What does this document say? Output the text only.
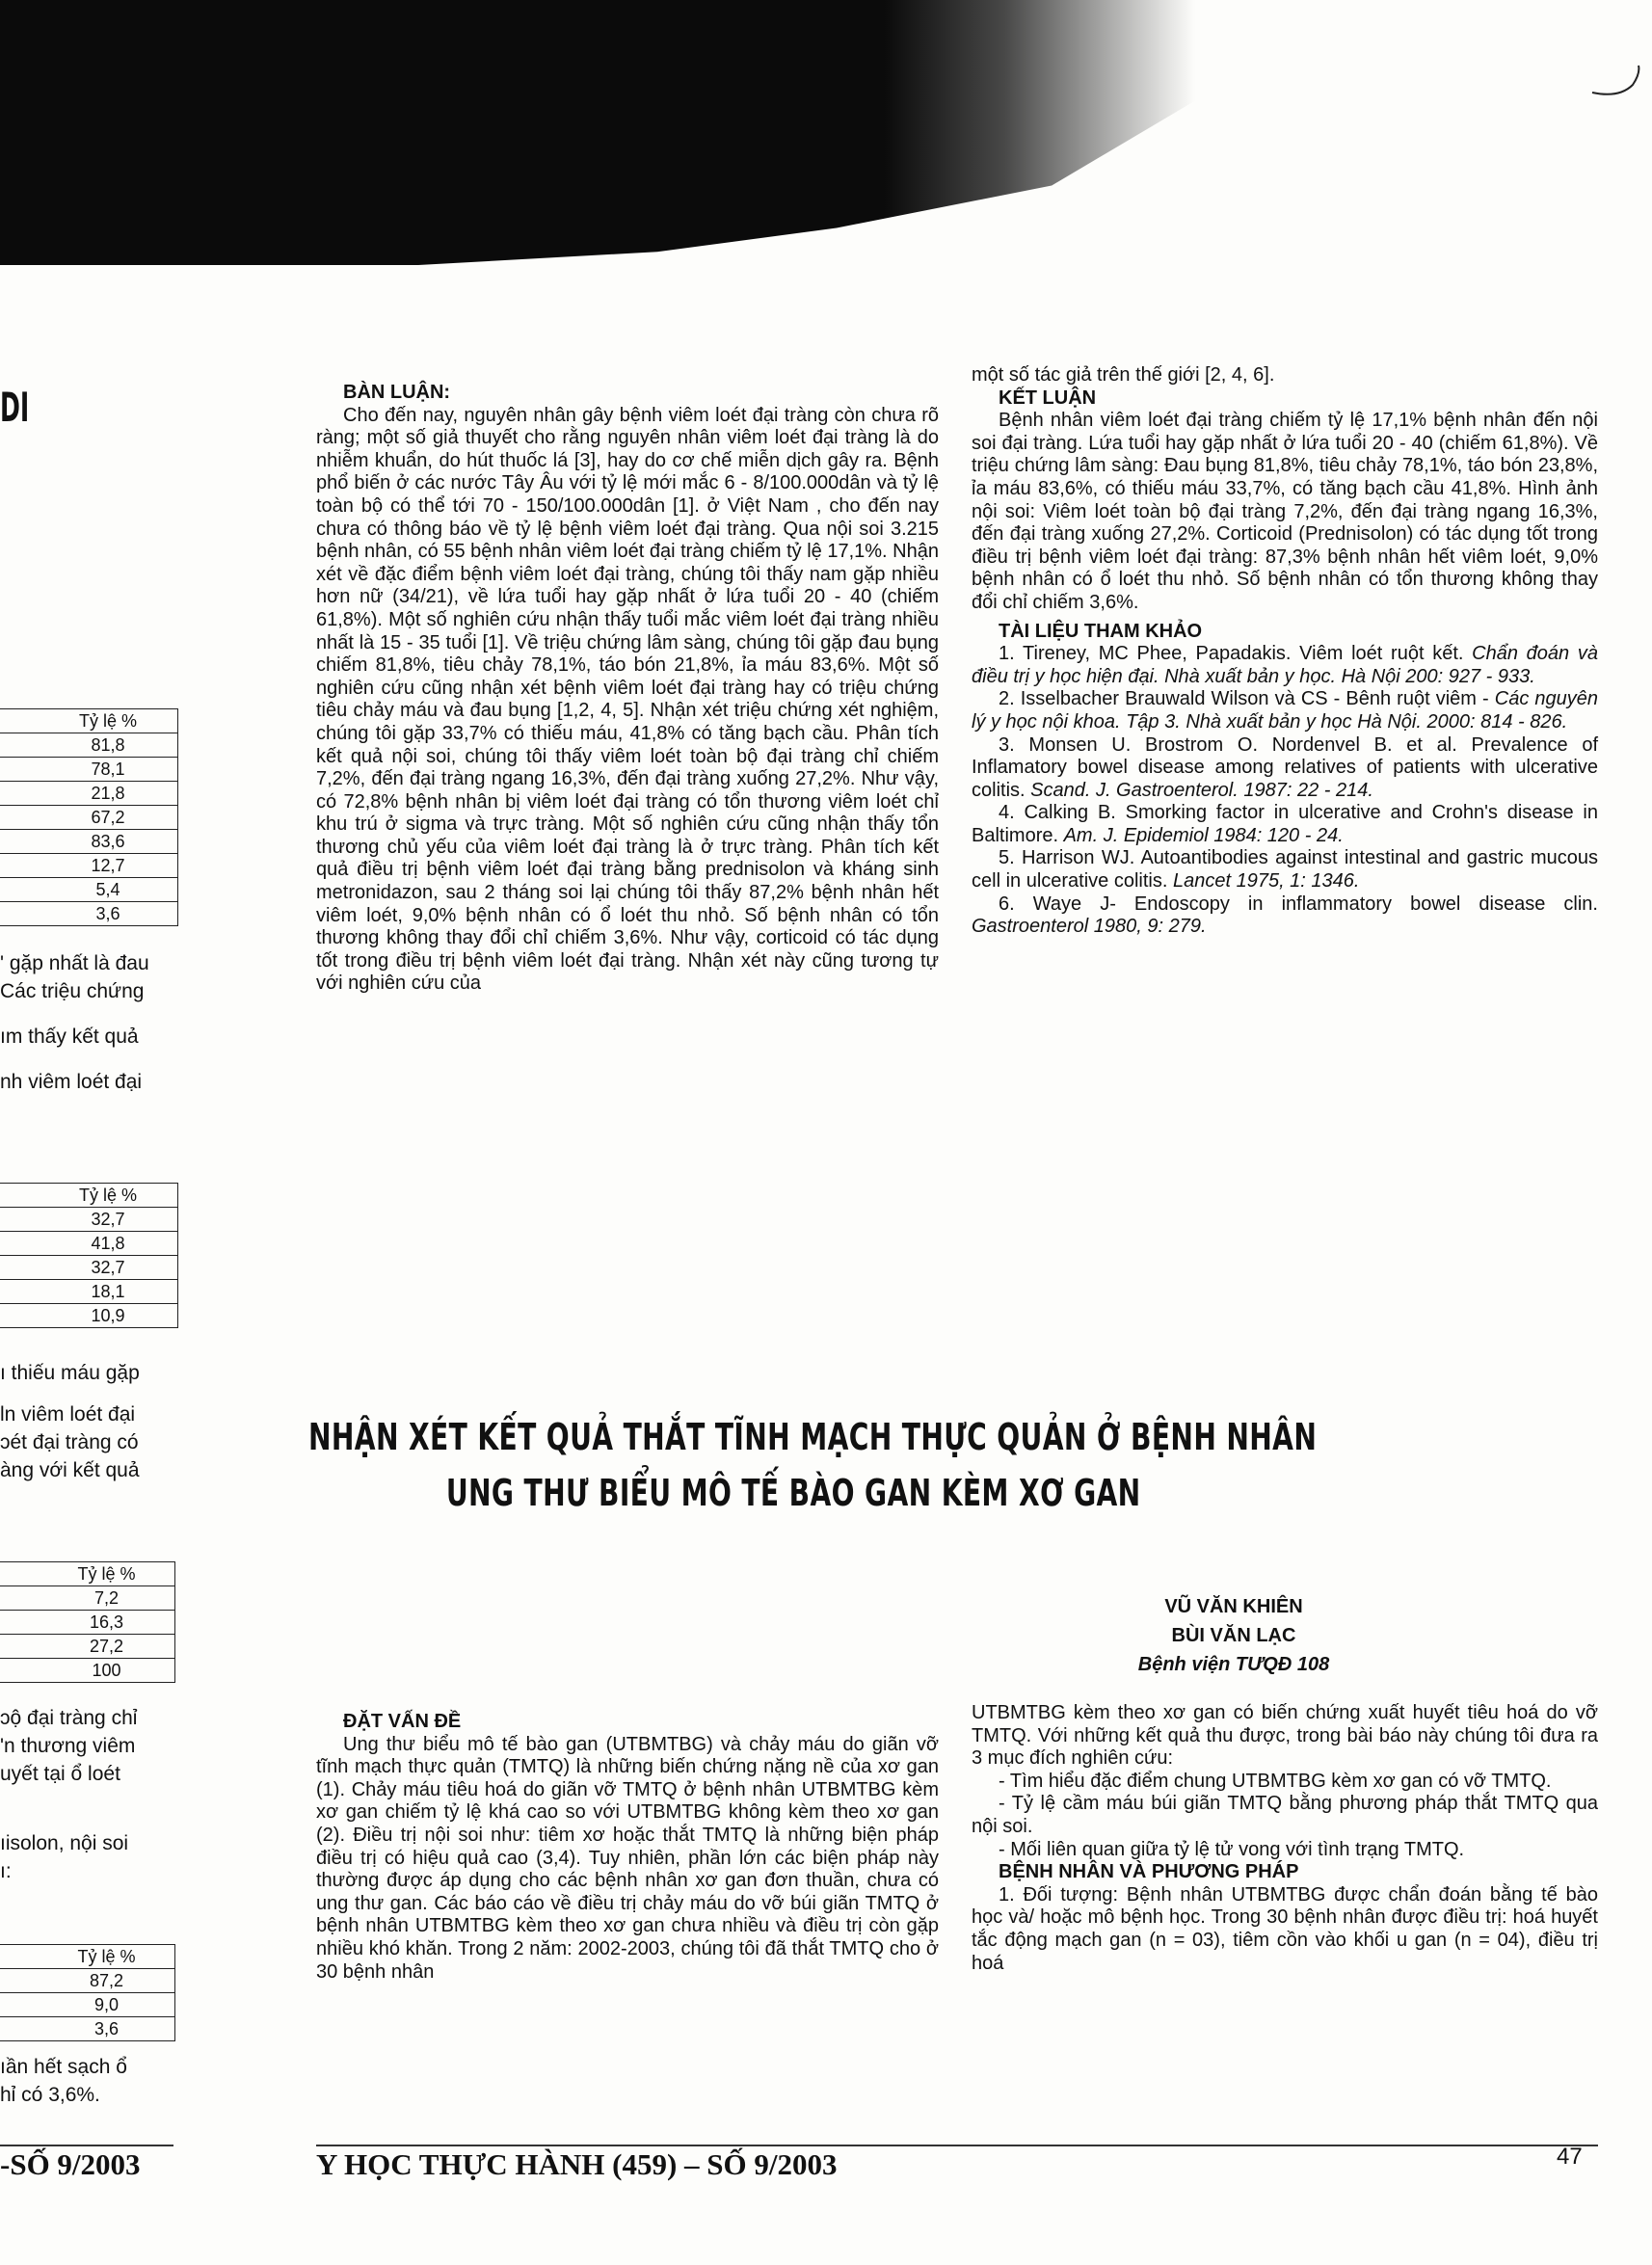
DI
	Tỷ lệ %
	81,8
	78,1
	21,8
	67,2
	83,6
	12,7
	5,4
	3,6
' gặp nhất là đau
Các triệu chứng
ım thấy kết quả
nh viêm loét đại
	Tỷ lệ %
	32,7
	41,8
	32,7
	18,1
	10,9
ı thiếu máu gặp
ln viêm loét đại
ɔét đại tràng có
àng với kết quả
	Tỷ lệ %
	7,2
	16,3
	27,2
	100
ɔộ đại tràng chỉ
'n thương viêm
uyết tại ổ loét
ıisolon, nội soi
ı:
	Tỷ lệ %
	87,2
	9,0
	3,6
ıần hết sạch ổ
hỉ có 3,6%.
-SỐ 9/2003

BÀN LUẬN:

Cho đến nay, nguyên nhân gây bệnh viêm loét đại tràng còn chưa rõ ràng; một số giả thuyết cho rằng nguyên nhân viêm loét đại tràng là do nhiễm khuẩn, do hút thuốc lá [3], hay do cơ chế miễn dịch gây ra. Bệnh phổ biến ở các nước Tây Âu với tỷ lệ mới mắc 6 - 8/100.000dân và tỷ lệ toàn bộ có thể tới 70 - 150/100.000dân [1]. ở Việt Nam , cho đến nay chưa có thông báo về tỷ lệ bệnh viêm loét đại tràng. Qua nội soi 3.215 bệnh nhân, có 55 bệnh nhân viêm loét đại tràng chiếm tỷ lệ 17,1%. Nhận xét về đặc điểm bệnh viêm loét đại tràng, chúng tôi thấy nam gặp nhiều hơn nữ (34/21), về lứa tuổi hay gặp nhất ở lứa tuổi 20 - 40 (chiếm 61,8%). Một số nghiên cứu nhận thấy tuổi mắc viêm loét đại tràng nhiều nhất là 15 - 35 tuổi [1]. Về triệu chứng lâm sàng, chúng tôi gặp đau bụng chiếm 81,8%, tiêu chảy 78,1%, táo bón 21,8%, ỉa máu 83,6%. Một số nghiên cứu cũng nhận xét bệnh viêm loét đại tràng hay có triệu chứng tiêu chảy máu và đau bụng [1,2, 4, 5]. Nhận xét triệu chứng xét nghiệm, chúng tôi gặp 33,7% có thiếu máu, 41,8% có tăng bạch cầu. Phân tích kết quả nội soi, chúng tôi thấy viêm loét toàn bộ đại tràng chỉ chiếm 7,2%, đến đại tràng ngang 16,3%, đến đại tràng xuống 27,2%. Như vậy, có 72,8% bệnh nhân bị viêm loét đại tràng có tổn thương viêm loét chỉ khu trú ở sigma và trực tràng. Một số nghiên cứu cũng nhận thấy tổn thương chủ yếu của viêm loét đại tràng là ở trực tràng. Phân tích kết quả điều trị bệnh viêm loét đại tràng bằng prednisolon và kháng sinh metronidazon, sau 2 tháng soi lại chúng tôi thấy 87,2% bệnh nhân hết viêm loét, 9,0% bệnh nhân có ổ loét thu nhỏ. Số bệnh nhân có tổn thương không thay đổi chỉ chiếm 3,6%. Như vậy, corticoid có tác dụng tốt trong điều trị bệnh viêm loét đại tràng. Nhận xét này cũng tương tự với nghiên cứu của

một số tác giả trên thế giới [2, 4, 6].

KẾT LUẬN

Bệnh nhân viêm loét đại tràng chiếm tỷ lệ 17,1% bệnh nhân đến nội soi đại tràng. Lứa tuổi hay gặp nhất ở lứa tuổi 20 - 40 (chiếm 61,8%). Về triệu chứng lâm sàng: Đau bụng 81,8%, tiêu chảy 78,1%, táo bón 23,8%, ỉa máu 83,6%, có thiếu máu 33,7%, có tăng bạch cầu 41,8%. Hình ảnh nội soi: Viêm loét toàn bộ đại tràng 7,2%, đến đại tràng ngang 16,3%, đến đại tràng xuống 27,2%. Corticoid (Prednisolon) có tác dụng tốt trong điều trị bệnh viêm loét đại tràng: 87,3% bệnh nhân hết viêm loét, 9,0% bệnh nhân có ổ loét thu nhỏ. Số bệnh nhân có tổn thương không thay đổi chỉ chiếm 3,6%.

TÀI LIỆU THAM KHẢO

1. Tireney, MC Phee, Papadakis. Viêm loét ruột kết. Chẩn đoán và điều trị y học hiện đại. Nhà xuất bản y học. Hà Nội 200: 927 - 933.

2. Isselbacher Brauwald Wilson và CS - Bênh ruột viêm - Các nguyên lý y học nội khoa. Tập 3. Nhà xuất bản y học Hà Nội. 2000: 814 - 826.

3. Monsen U. Brostrom O. Nordenvel B. et al. Prevalence of Inflamatory bowel disease among relatives of patients with ulcerative colitis. Scand. J. Gastroenterol. 1987: 22 - 214.

4. Calking B. Smorking factor in ulcerative and Crohn's disease in Baltimore. Am. J. Epidemiol 1984: 120 - 24.

5. Harrison WJ. Autoantibodies against intestinal and gastric mucous cell in ulcerative colitis. Lancet 1975, 1: 1346.

6. Waye J- Endoscopy in inflammatory bowel disease clin. Gastroenterol 1980, 9: 279.

NHẬN XÉT KẾT QUẢ THẮT TĨNH MẠCH THỰC QUẢN Ở BỆNH NHÂN
UNG THƯ BIỂU MÔ TẾ BÀO GAN KÈM XƠ GAN
VŨ VĂN KHIÊN
BÙI VĂN LẠC
Bệnh viện TƯQĐ 108

ĐẶT VẤN ĐỀ

Ung thư biểu mô tế bào gan (UTBMTBG) và chảy máu do giãn vỡ tĩnh mạch thực quản (TMTQ) là những biến chứng nặng nề của xơ gan (1). Chảy máu tiêu hoá do giãn vỡ TMTQ ở bệnh nhân UTBMTBG kèm xơ gan chiếm tỷ lệ khá cao so với UTBMTBG không kèm theo xơ gan (2). Điều trị nội soi như: tiêm xơ hoặc thắt TMTQ là những biện pháp điều trị có hiệu quả cao (3,4). Tuy nhiên, phần lớn các biện pháp này thường được áp dụng cho các bệnh nhân xơ gan đơn thuần, chưa có ung thư gan. Các báo cáo về điều trị chảy máu do vỡ búi giãn TMTQ ở bệnh nhân UTBMTBG kèm theo xơ gan chưa nhiều và điều trị còn gặp nhiều khó khăn. Trong 2 năm: 2002-2003, chúng tôi đã thắt TMTQ cho ở 30 bệnh nhân

UTBMTBG kèm theo xơ gan có biến chứng xuất huyết tiêu hoá do vỡ TMTQ. Với những kết quả thu được, trong bài báo này chúng tôi đưa ra 3 mục đích nghiên cứu:

- Tìm hiểu đặc điểm chung UTBMTBG kèm xơ gan có vỡ TMTQ.

- Tỷ lệ cầm máu búi giãn TMTQ bằng phương pháp thắt TMTQ qua nội soi.

- Mối liên quan giữa tỷ lệ tử vong với tình trạng TMTQ.

BỆNH NHÂN VÀ PHƯƠNG PHÁP

1. Đối tượng: Bệnh nhân UTBMTBG được chẩn đoán bằng tế bào học và/ hoặc mô bệnh học. Trong 30 bệnh nhân được điều trị: hoá huyết tắc động mạch gan (n = 03), tiêm cồn vào khối u gan (n = 04), điều trị hoá

Y HỌC THỰC HÀNH (459) – SỐ 9/2003	47
